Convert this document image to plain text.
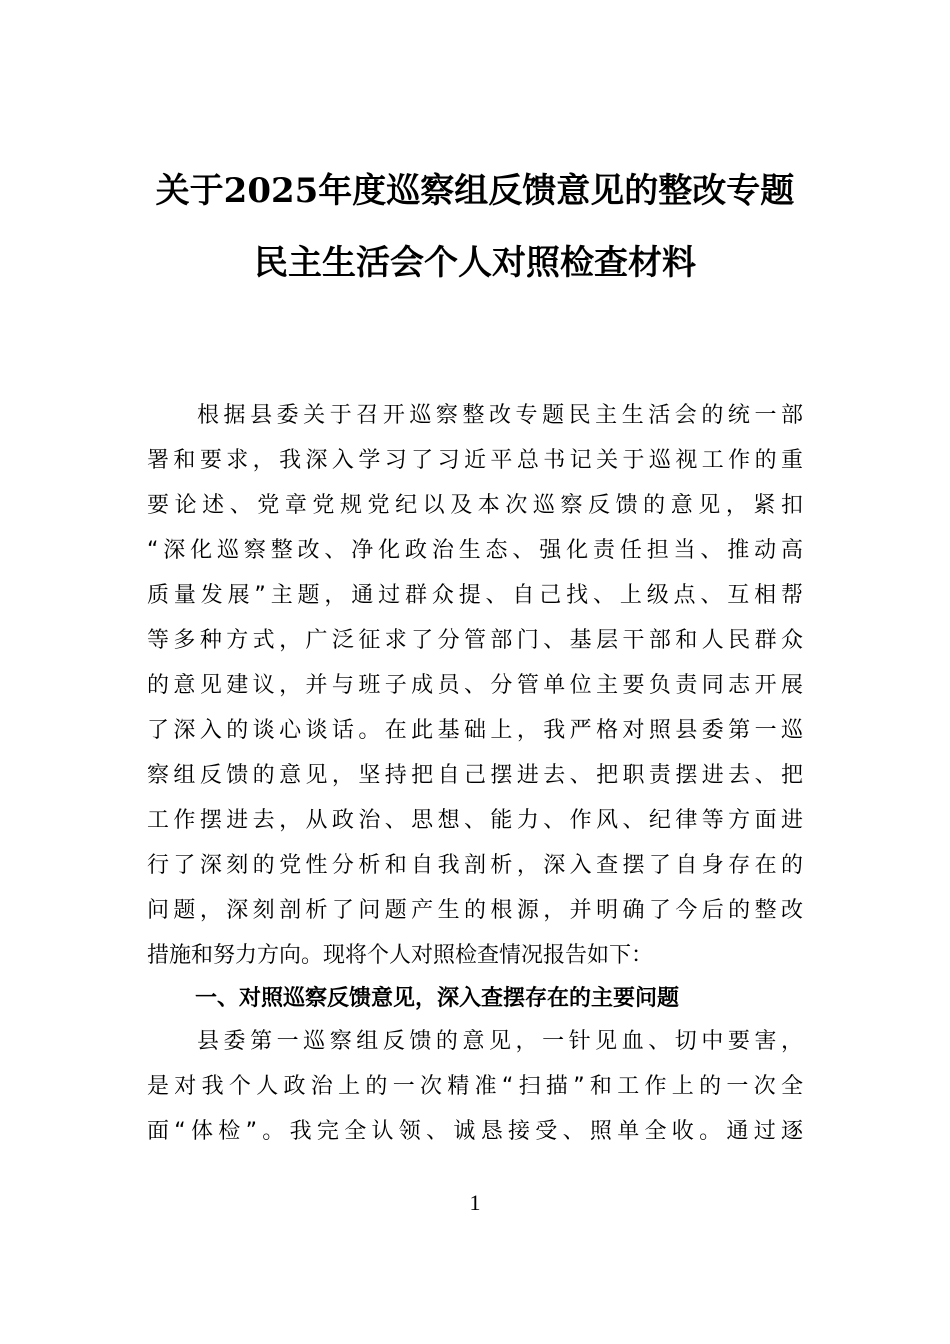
关于2025年度巡察组反馈意见的整改专题
民主生活会个人对照检查材料
根据县委关于召开巡察整改专题民主生活会的统一部
署和要求，我深入学习了习近平总书记关于巡视工作的重
要论述、党章党规党纪以及本次巡察反馈的意见，紧扣
“深化巡察整改、净化政治生态、强化责任担当、推动高
质量发展”主题，通过群众提、自己找、上级点、互相帮
等多种方式，广泛征求了分管部门、基层干部和人民群众
的意见建议，并与班子成员、分管单位主要负责同志开展
了深入的谈心谈话。在此基础上，我严格对照县委第一巡
察组反馈的意见，坚持把自己摆进去、把职责摆进去、把
工作摆进去，从政治、思想、能力、作风、纪律等方面进
行了深刻的党性分析和自我剖析，深入查摆了自身存在的
问题，深刻剖析了问题产生的根源，并明确了今后的整改
措施和努力方向。现将个人对照检查情况报告如下：
一、对照巡察反馈意见，深入查摆存在的主要问题
县委第一巡察组反馈的意见，一针见血、切中要害，
是对我个人政治上的一次精准“扫描”和工作上的一次全
面“体检”。我完全认领、诚恳接受、照单全收。通过逐
1
